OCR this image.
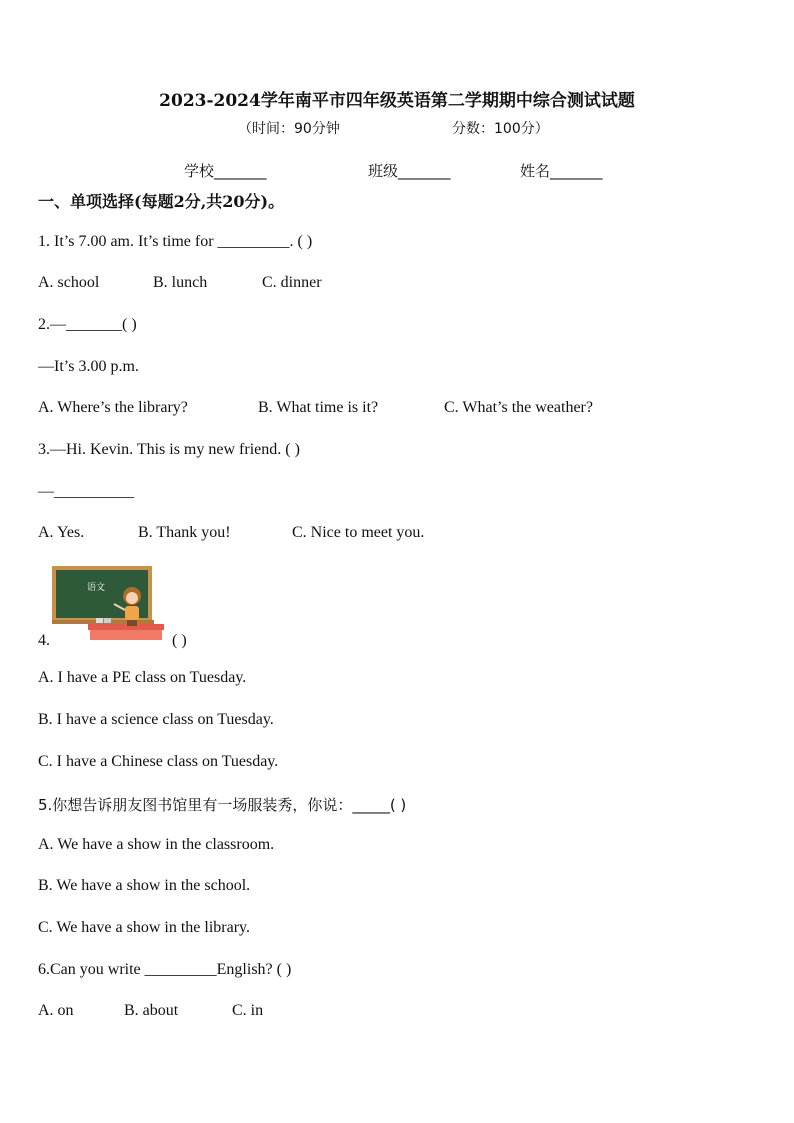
2023-2024学年南平市四年级英语第二学期期中综合测试试题
（时间：90分钟	分数：100分）
学校_______	班级_______	姓名_______
一、单项选择(每题2分,共20分)。
1. It’s 7.00 am. It’s time for _________. ( )
A. school	B. lunch	C. dinner
2.—_______( )
—It’s 3.00 p.m.
A. Where’s the library?	B. What time is it?	C. What’s the weather?
3.—Hi. Kevin. This is my new friend. ( )
—__________
A. Yes.	B. Thank you!	C. Nice to meet you.
语文
4.	( )
A. I have a PE class on Tuesday.
B. I have a science class on Tuesday.
C. I have a Chinese class on Tuesday.
5.你想告诉朋友图书馆里有一场服装秀，你说：_____( )
A. We have a show in the classroom.
B. We have a show in the school.
C. We have a show in the library.
6.Can you write _________English? ( )
A. on	B. about	C. in
